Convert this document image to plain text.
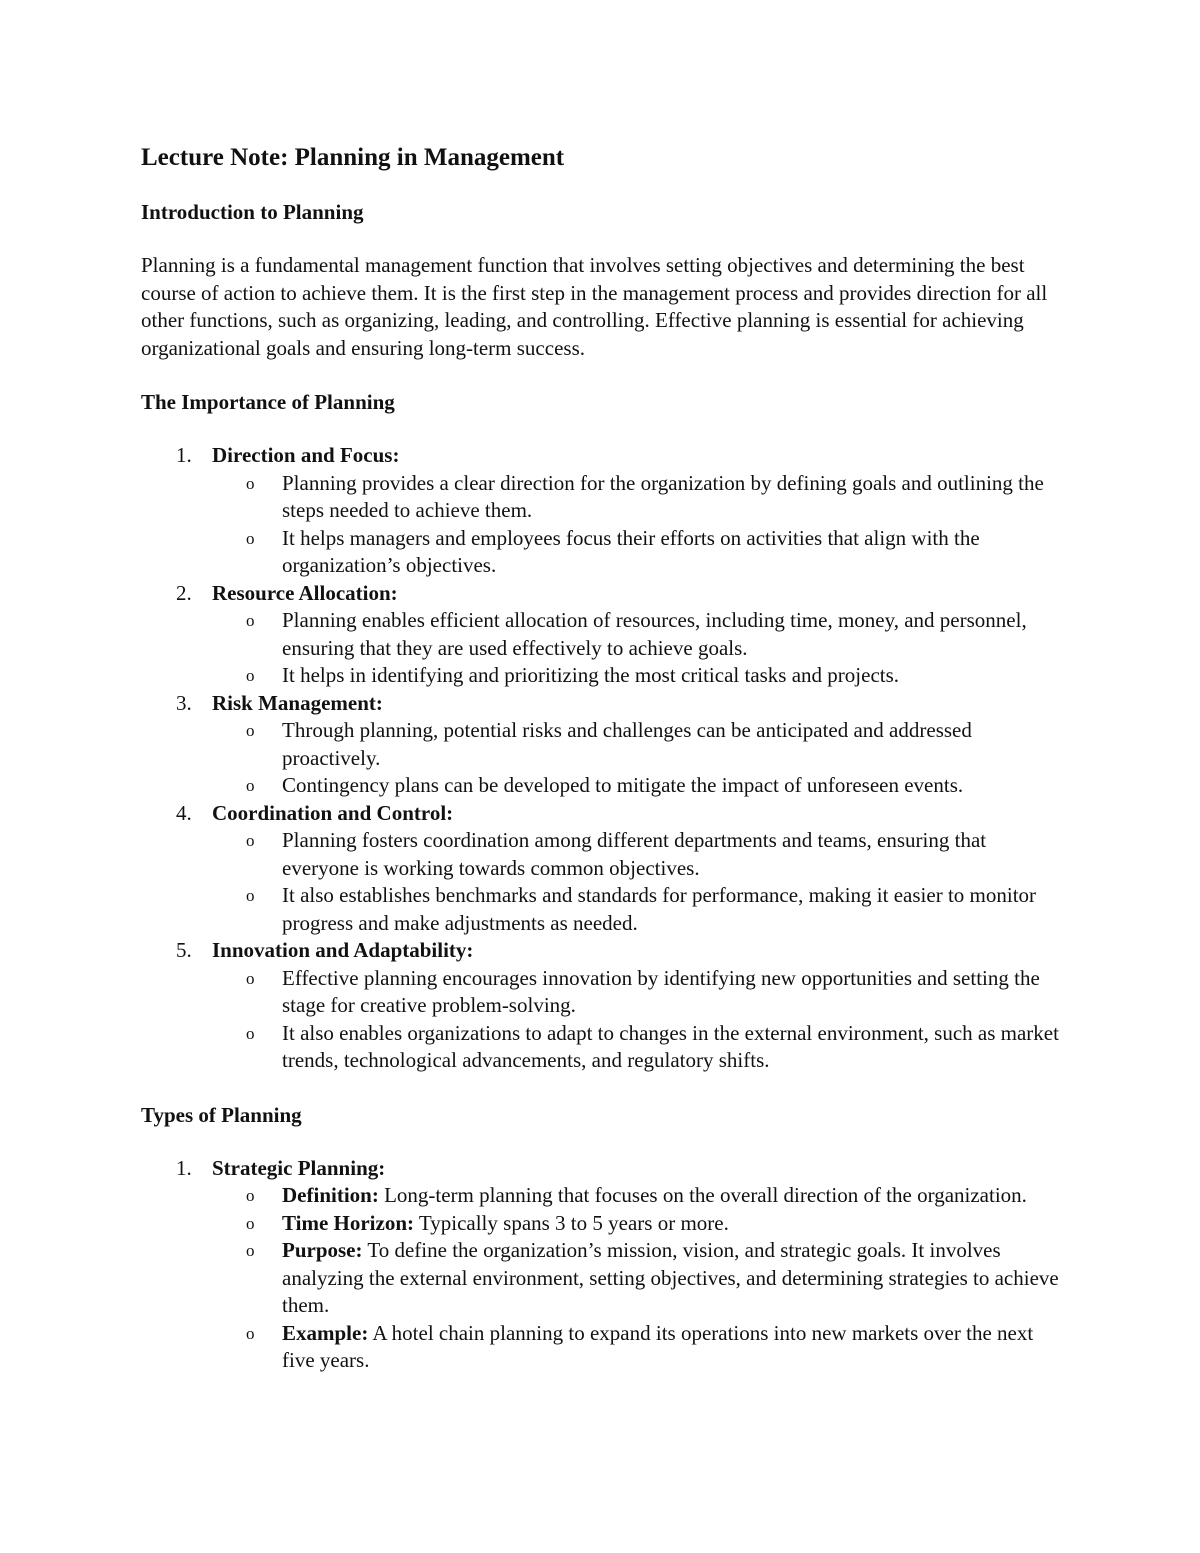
Lecture Note: Planning in Management
Introduction to Planning

Planning is a fundamental management function that involves setting objectives and determining the best course of action to achieve them. It is the first step in the management process and provides direction for all other functions, such as organizing, leading, and controlling. Effective planning is essential for achieving organizational goals and ensuring long-term success.

The Importance of Planning
1. Direction and Focus:
o Planning provides a clear direction for the organization by defining goals and outlining the steps needed to achieve them.
o It helps managers and employees focus their efforts on activities that align with the organization’s objectives.
2. Resource Allocation:
o Planning enables efficient allocation of resources, including time, money, and personnel, ensuring that they are used effectively to achieve goals.
o It helps in identifying and prioritizing the most critical tasks and projects.
3. Risk Management:
o Through planning, potential risks and challenges can be anticipated and addressed proactively.
o Contingency plans can be developed to mitigate the impact of unforeseen events.
4. Coordination and Control:
o Planning fosters coordination among different departments and teams, ensuring that everyone is working towards common objectives.
o It also establishes benchmarks and standards for performance, making it easier to monitor progress and make adjustments as needed.
5. Innovation and Adaptability:
o Effective planning encourages innovation by identifying new opportunities and setting the stage for creative problem-solving.
o It also enables organizations to adapt to changes in the external environment, such as market trends, technological advancements, and regulatory shifts.
Types of Planning
1. Strategic Planning:
o Definition: Long-term planning that focuses on the overall direction of the organization.
o Time Horizon: Typically spans 3 to 5 years or more.
o Purpose: To define the organization’s mission, vision, and strategic goals. It involves analyzing the external environment, setting objectives, and determining strategies to achieve them.
o Example: A hotel chain planning to expand its operations into new markets over the next five years.
